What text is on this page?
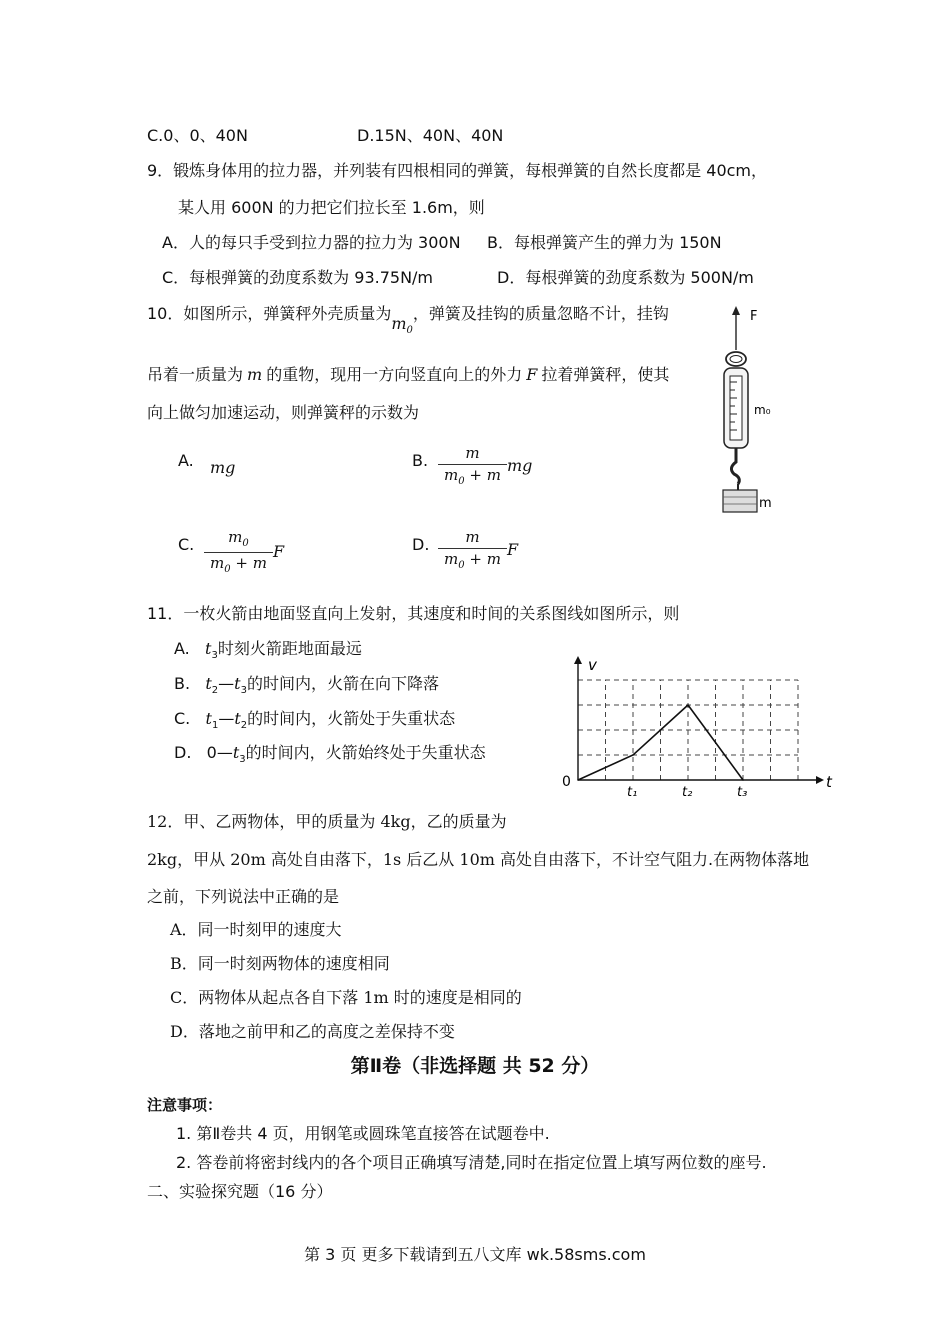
C.0、0、40N	D.15N、40N、40N
9．锻炼身体用的拉力器，并列装有四根相同的弹簧，每根弹簧的自然长度都是 40cm，
某人用 600N 的力把它们拉长至 1.6m，则
A．人的每只手受到拉力器的拉力为 300N B．每根弹簧产生的弹力为 150N
C．每根弹簧的劲度系数为 93.75N/m	D．每根弹簧的劲度系数为 500N/m
10．如图所示，弹簧秤外壳质量为$m_0$，弹簧及挂钩的质量忽略不计，挂钩
吊着一质量为 m 的重物，现用一方向竖直向上的外力 F 拉着弹簧秤，使其
向上做匀加速运动，则弹簧秤的示数为
A. mg	B. $\frac{m}{m_0 + m}$ mg
C. $\frac{m_0}{m_0 + m}$ F	D. $\frac{m}{m_0 + m}$ F
F
m₀
m
11．一枚火箭由地面竖直向上发射，其速度和时间的关系图线如图所示，则
A. $t_3$时刻火箭距地面最远
B. $t_2—t_3$的时间内，火箭在向下降落
C. $t_1—t_2$的时间内，火箭处于失重状态
D. $0—t_3$的时间内，火箭始终处于失重状态
v
t
0
t₁	t₂	t₃
12．甲、乙两物体，甲的质量为 4kg，乙的质量为
2kg，甲从 20m 高处自由落下，1s 后乙从 10m 高处自由落下，不计空气阻力.在两物体落地
之前，下列说法中正确的是
A．同一时刻甲的速度大
B．同一时刻两物体的速度相同
C．两物体从起点各自下落 1m 时的速度是相同的
D．落地之前甲和乙的高度之差保持不变
第Ⅱ卷（非选择题 共 52 分）
注意事项：
1. 第Ⅱ卷共 4 页，用钢笔或圆珠笔直接答在试题卷中.
2. 答卷前将密封线内的各个项目正确填写清楚,同时在指定位置上填写两位数的座号.
二、实验探究题（16 分）
第 3 页 更多下载请到五八文库 wk.58sms.com
